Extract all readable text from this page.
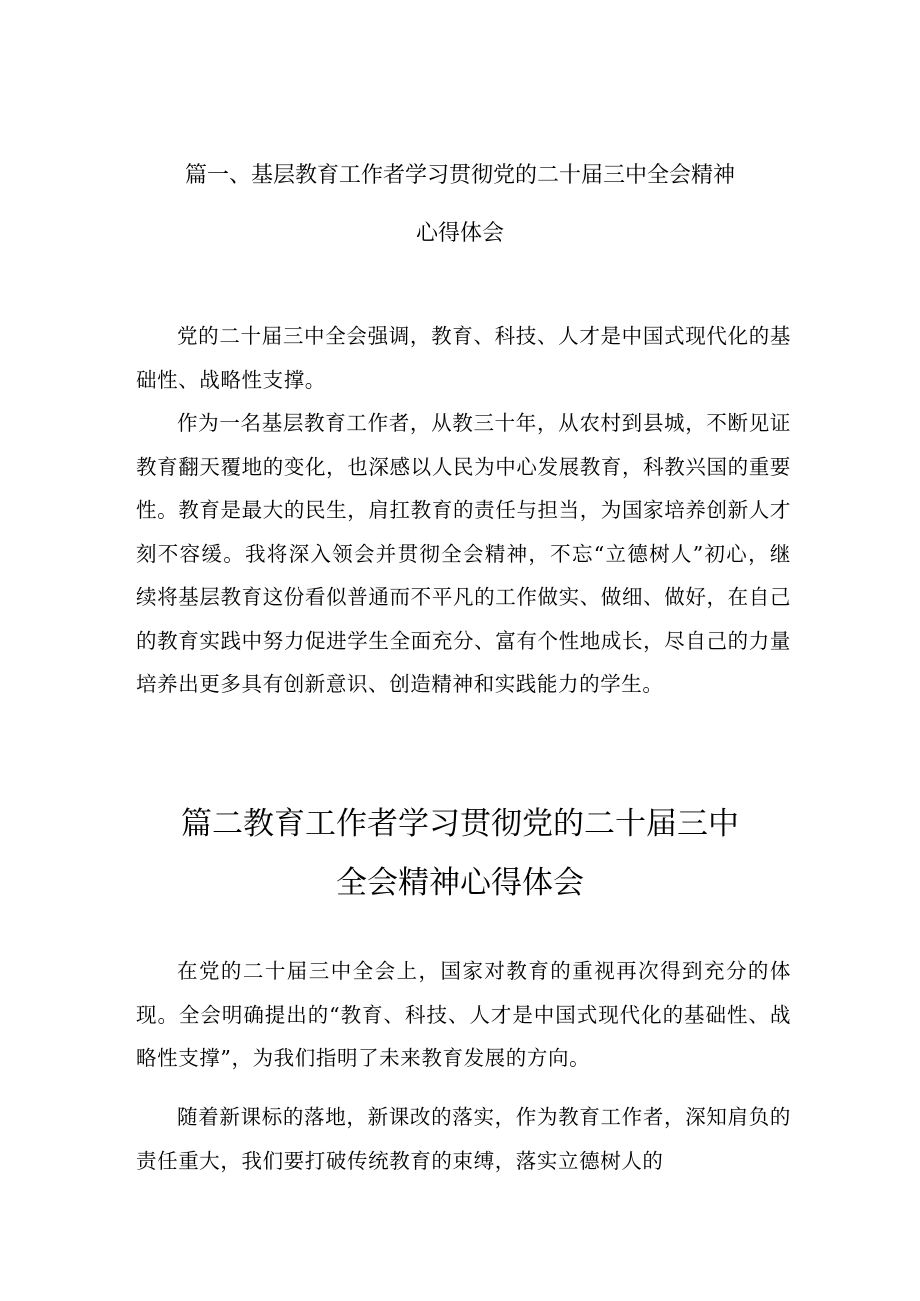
篇一、基层教育工作者学习贯彻党的二十届三中全会精神
心得体会

党的二十届三中全会强调，教育、科技、人才是中国式现代化的基础性、战略性支撑。

作为一名基层教育工作者，从教三十年，从农村到县城，不断见证教育翻天覆地的变化，也深感以人民为中心发展教育，科教兴国的重要性。教育是最大的民生，肩扛教育的责任与担当，为国家培养创新人才刻不容缓。我将深入领会并贯彻全会精神，不忘“立德树人”初心，继续将基层教育这份看似普通而不平凡的工作做实、做细、做好，在自己的教育实践中努力促进学生全面充分、富有个性地成长，尽自己的力量培养出更多具有创新意识、创造精神和实践能力的学生。

篇二教育工作者学习贯彻党的二十届三中
全会精神心得体会

在党的二十届三中全会上，国家对教育的重视再次得到充分的体现。全会明确提出的“教育、科技、人才是中国式现代化的基础性、战略性支撑”，为我们指明了未来教育发展的方向。

随着新课标的落地，新课改的落实，作为教育工作者，深知肩负的责任重大，我们要打破传统教育的束缚，落实立德树人的
